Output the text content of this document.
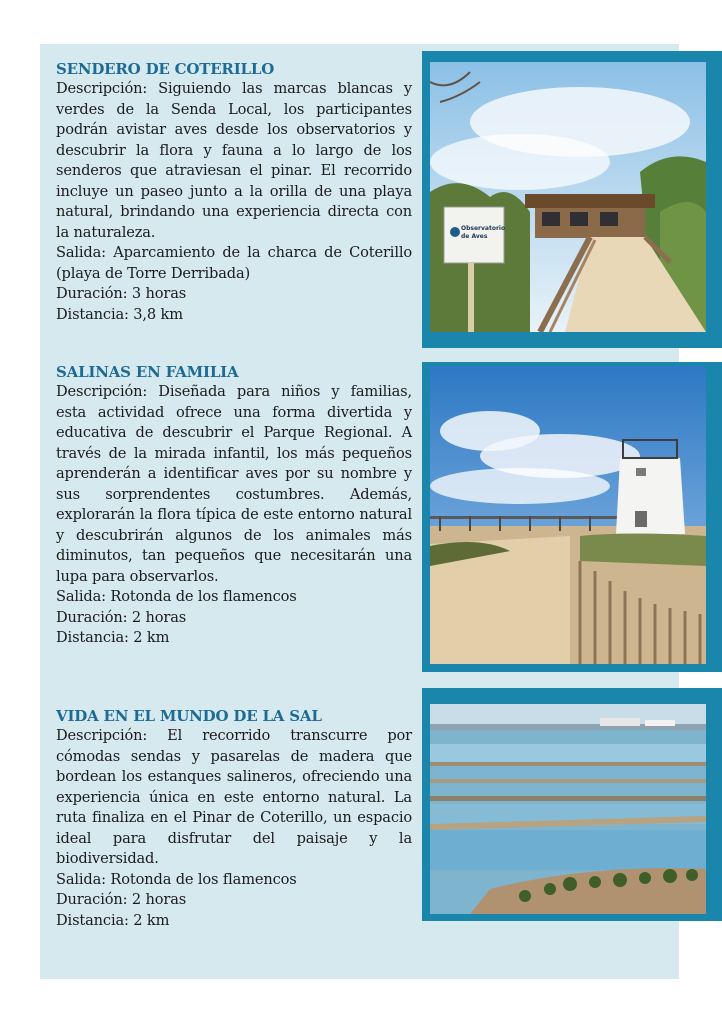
SENDERO DE COTERILLO

Descripción: Siguiendo las marcas blancas y verdes de la Senda Local, los participantes podrán avistar aves desde los observatorios y descubrir la flora y fauna a lo largo de los senderos que atraviesan el pinar. El recorrido incluye un paseo junto a la orilla de una playa natural, brindando una experiencia directa con la naturaleza.

Salida: Aparcamiento de la charca de Coterillo (playa de Torre Derribada)

Duración: 3 horas

Distancia: 3,8 km

Observatorio
de Aves
SALINAS EN FAMILIA

Descripción: Diseñada para niños y familias, esta actividad ofrece una forma divertida y educativa de descubrir el Parque Regional. A través de la mirada infantil, los más pequeños aprenderán a identificar aves por su nombre y sus sorprendentes costumbres. Además, explorarán la flora típica de este entorno natural y descubrirán algunos de los animales más diminutos, tan pequeños que necesitarán una lupa para observarlos.

Salida: Rotonda de los flamencos

Duración: 2 horas

Distancia: 2 km

VIDA EN EL MUNDO DE LA SAL

Descripción: El recorrido transcurre por cómodas sendas y pasarelas de madera que bordean los estanques salineros, ofreciendo una experiencia única en este entorno natural. La ruta finaliza en el Pinar de Coterillo, un espacio ideal para disfrutar del paisaje y la biodiversidad.

Salida: Rotonda de los flamencos

Duración: 2 horas

Distancia: 2 km
